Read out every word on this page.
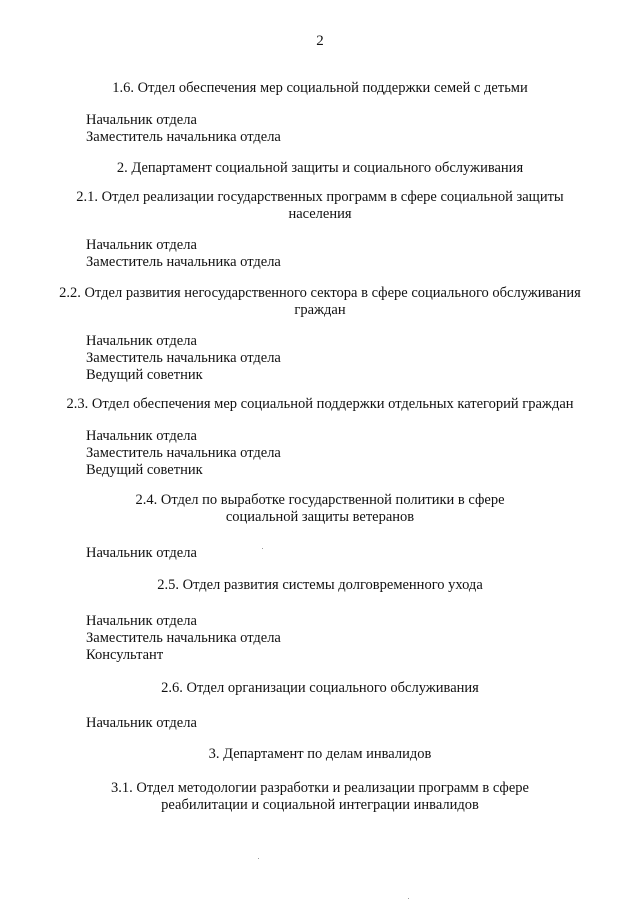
2
1.6. Отдел обеспечения мер социальной поддержки семей с детьми
Начальник отдела
Заместитель начальника отдела
2. Департамент социальной защиты и социального обслуживания
2.1. Отдел реализации государственных программ в сфере социальной защиты
населения
Начальник отдела
Заместитель начальника отдела
2.2. Отдел развития негосударственного сектора в сфере социального обслуживания
граждан
Начальник отдела
Заместитель начальника отдела
Ведущий советник
2.3. Отдел обеспечения мер социальной поддержки отдельных категорий граждан
Начальник отдела
Заместитель начальника отдела
Ведущий советник
2.4. Отдел по выработке государственной политики в сфере
социальной защиты ветеранов
Начальник отдела
2.5. Отдел развития системы долговременного ухода
Начальник отдела
Заместитель начальника отдела
Консультант
2.6. Отдел организации социального обслуживания
Начальник отдела
3. Департамент по делам инвалидов
3.1. Отдел методологии разработки и реализации программ в сфере
реабилитации и социальной интеграции инвалидов
